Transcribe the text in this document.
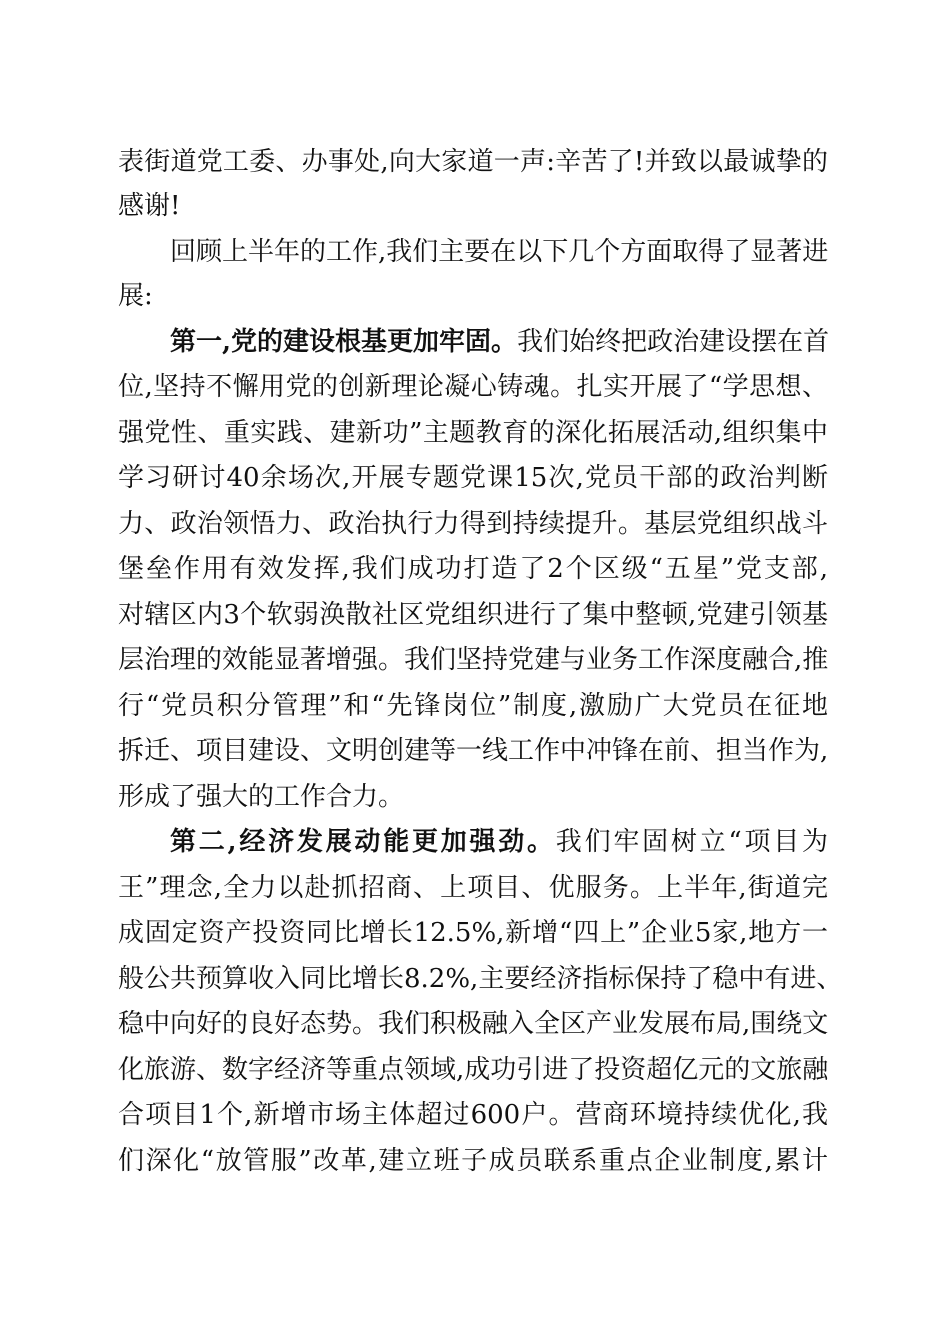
表街道党工委、办事处,向大家道一声:辛苦了!并致以最诚挚的
感谢!
回顾上半年的工作,我们主要在以下几个方面取得了显著进
展:
第一,党的建设根基更加牢固。我们始终把政治建设摆在首
位,坚持不懈用党的创新理论凝心铸魂。扎实开展了“学思想、
强党性、重实践、建新功”主题教育的深化拓展活动,组织集中
学习研讨40余场次,开展专题党课15次,党员干部的政治判断
力、政治领悟力、政治执行力得到持续提升。基层党组织战斗
堡垒作用有效发挥,我们成功打造了2个区级“五星”党支部,
对辖区内3个软弱涣散社区党组织进行了集中整顿,党建引领基
层治理的效能显著增强。我们坚持党建与业务工作深度融合,推
行“党员积分管理”和“先锋岗位”制度,激励广大党员在征地
拆迁、项目建设、文明创建等一线工作中冲锋在前、担当作为,
形成了强大的工作合力。
第二,经济发展动能更加强劲。我们牢固树立“项目为
王”理念,全力以赴抓招商、上项目、优服务。上半年,街道完
成固定资产投资同比增长12.5%,新增“四上”企业5家,地方一
般公共预算收入同比增长8.2%,主要经济指标保持了稳中有进、
稳中向好的良好态势。我们积极融入全区产业发展布局,围绕文
化旅游、数字经济等重点领域,成功引进了投资超亿元的文旅融
合项目1个,新增市场主体超过600户。营商环境持续优化,我
们深化“放管服”改革,建立班子成员联系重点企业制度,累计
